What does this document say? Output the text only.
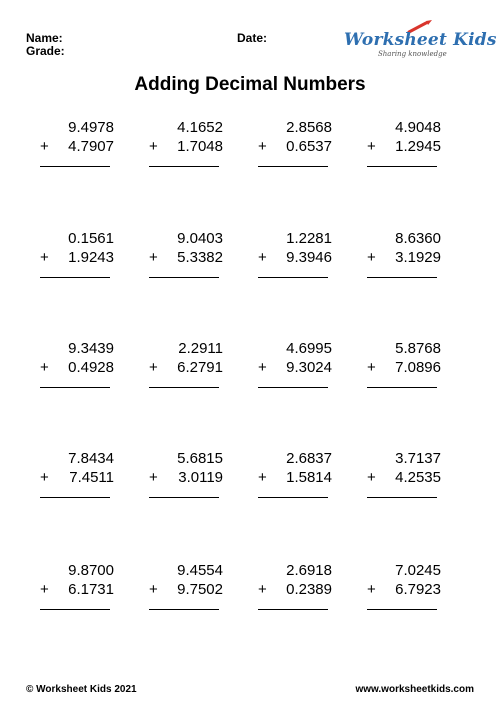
Name:
Grade:
Date:	Worksheet Kids
Sharing knowledge
Adding Decimal Numbers
9.4978
+	4.7907
4.1652
+	1.7048
2.8568
+	0.6537
4.9048
+	1.2945
0.1561
+	1.9243
9.0403
+	5.3382
1.2281
+	9.3946
8.6360
+	3.1929
9.3439
+	0.4928
2.2911
+	6.2791
4.6995
+	9.3024
5.8768
+	7.0896
7.8434
+	7.4511
5.6815
+	3.0119
2.6837
+	1.5814
3.7137
+	4.2535
9.8700
+	6.1731
9.4554
+	9.7502
2.6918
+	0.2389
7.0245
+	6.7923
© Worksheet Kids 2021	www.worksheetkids.com
